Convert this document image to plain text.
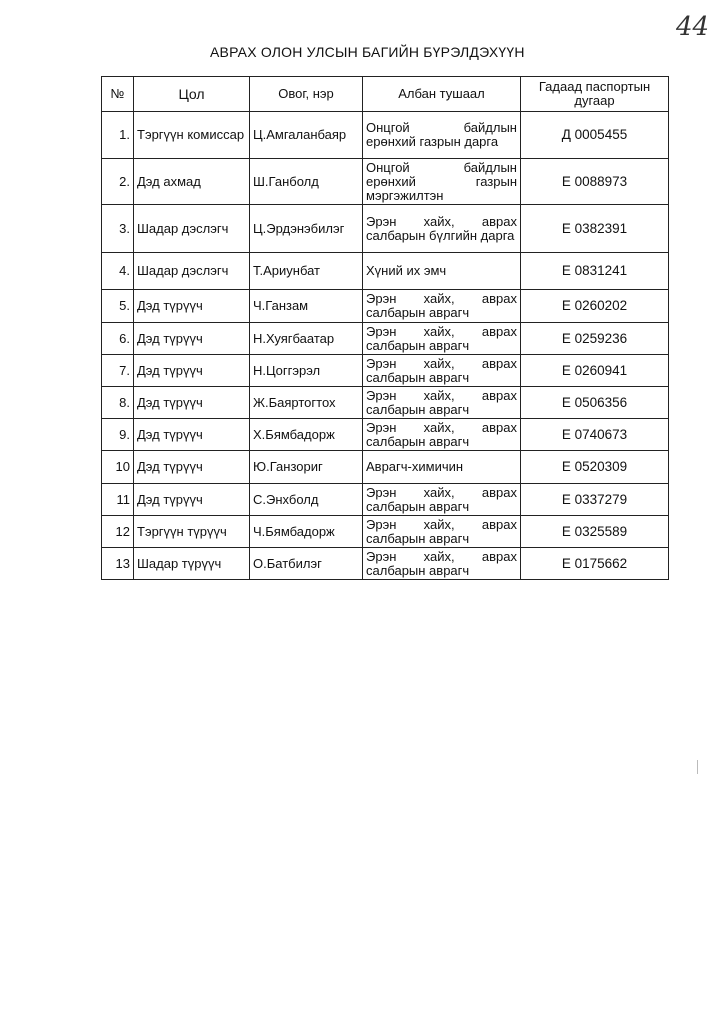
44
АВРАХ ОЛОН УЛСЫН БАГИЙН БҮРЭЛДЭХҮҮН
№	Цол	Овог, нэр	Албан тушаал	Гадаад паспортын дугаар
1.	Тэргүүн комиссар	Ц.Амгаланбаяр	Онцгой байдлын ерөнхий газрын дарга	Д 0005455
2.	Дэд ахмад	Ш.Ганболд	Онцгой байдлын ерөнхий газрын мэргэжилтэн	Е 0088973
3.	Шадар дэслэгч	Ц.Эрдэнэбилэг	Эрэн хайх, аврах салбарын бүлгийн дарга	Е 0382391
4.	Шадар дэслэгч	Т.Ариунбат	Хүний их эмч	Е 0831241
5.	Дэд түрүүч	Ч.Ганзам	Эрэн хайх, аврах салбарын аврагч	Е 0260202
6.	Дэд түрүүч	Н.Хуягбаатар	Эрэн хайх, аврах салбарын аврагч	Е 0259236
7.	Дэд түрүүч	Н.Цоггэрэл	Эрэн хайх, аврах салбарын аврагч	Е 0260941
8.	Дэд түрүүч	Ж.Баяртогтох	Эрэн хайх, аврах салбарын аврагч	Е 0506356
9.	Дэд түрүүч	Х.Бямбадорж	Эрэн хайх, аврах салбарын аврагч	Е 0740673
10	Дэд түрүүч	Ю.Ганзориг	Аврагч-химичин	Е 0520309
11	Дэд түрүүч	С.Энхболд	Эрэн хайх, аврах салбарын аврагч	Е 0337279
12	Тэргүүн түрүүч	Ч.Бямбадорж	Эрэн хайх, аврах салбарын аврагч	Е 0325589
13	Шадар түрүүч	О.Батбилэг	Эрэн хайх, аврах салбарын аврагч	Е 0175662
